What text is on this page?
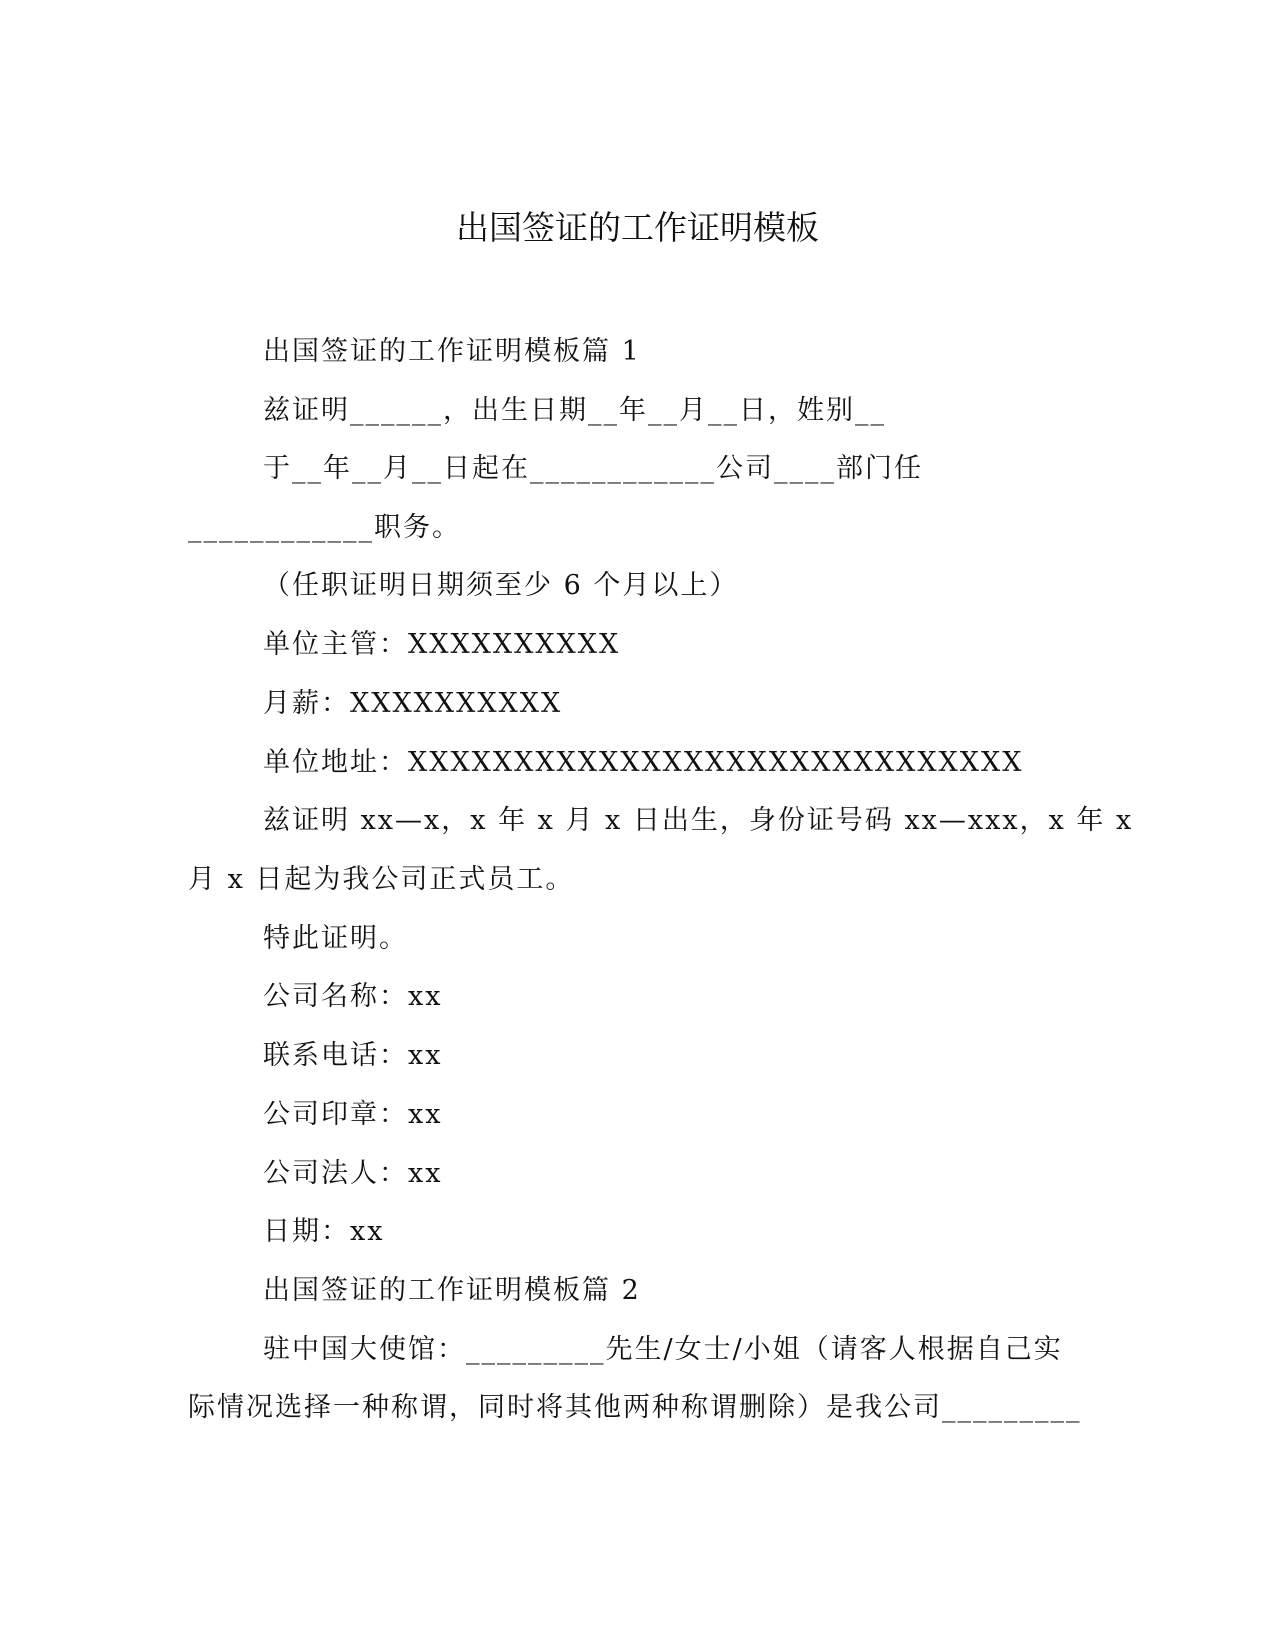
出国签证的工作证明模板
出国签证的工作证明模板篇 1
兹证明______，出生日期__年__月__日，姓别__
于__年__月__日起在____________公司____部门任
____________职务。
（任职证明日期须至少 6 个月以上）
单位主管：XXXXXXXXXX
月薪：XXXXXXXXXX
单位地址：XXXXXXXXXXXXXXXXXXXXXXXXXXXXX
兹证明 xx—x，x 年 x 月 x 日出生，身份证号码 xx—xxx，x 年 x
月 x 日起为我公司正式员工。
特此证明。
公司名称：xx
联系电话：xx
公司印章：xx
公司法人：xx
日期：xx
出国签证的工作证明模板篇 2
驻中国大使馆：_________先生/女士/小姐（请客人根据自己实
际情况选择一种称谓，同时将其他两种称谓删除）是我公司_________
